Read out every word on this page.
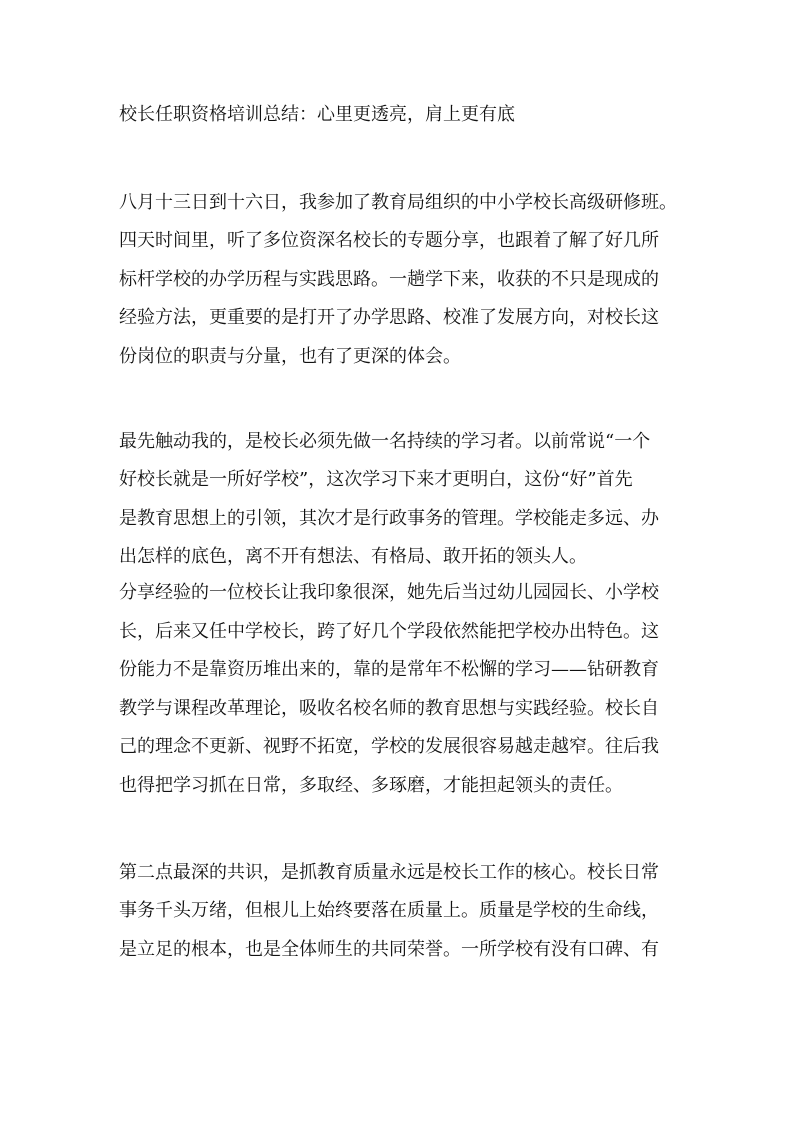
校长任职资格培训总结：心里更透亮，肩上更有底
八月十三日到十六日，我参加了教育局组织的中小学校长高级研修班。
四天时间里，听了多位资深名校长的专题分享，也跟着了解了好几所
标杆学校的办学历程与实践思路。一趟学下来，收获的不只是现成的
经验方法，更重要的是打开了办学思路、校准了发展方向，对校长这
份岗位的职责与分量，也有了更深的体会。
最先触动我的，是校长必须先做一名持续的学习者。以前常说“一个
好校长就是一所好学校”，这次学习下来才更明白，这份“好”首先
是教育思想上的引领，其次才是行政事务的管理。学校能走多远、办
出怎样的底色，离不开有想法、有格局、敢开拓的领头人。
分享经验的一位校长让我印象很深，她先后当过幼儿园园长、小学校
长，后来又任中学校长，跨了好几个学段依然能把学校办出特色。这
份能力不是靠资历堆出来的，靠的是常年不松懈的学习——钻研教育
教学与课程改革理论，吸收名校名师的教育思想与实践经验。校长自
己的理念不更新、视野不拓宽，学校的发展很容易越走越窄。往后我
也得把学习抓在日常，多取经、多琢磨，才能担起领头的责任。
第二点最深的共识，是抓教育质量永远是校长工作的核心。校长日常
事务千头万绪，但根儿上始终要落在质量上。质量是学校的生命线，
是立足的根本，也是全体师生的共同荣誉。一所学校有没有口碑、有
